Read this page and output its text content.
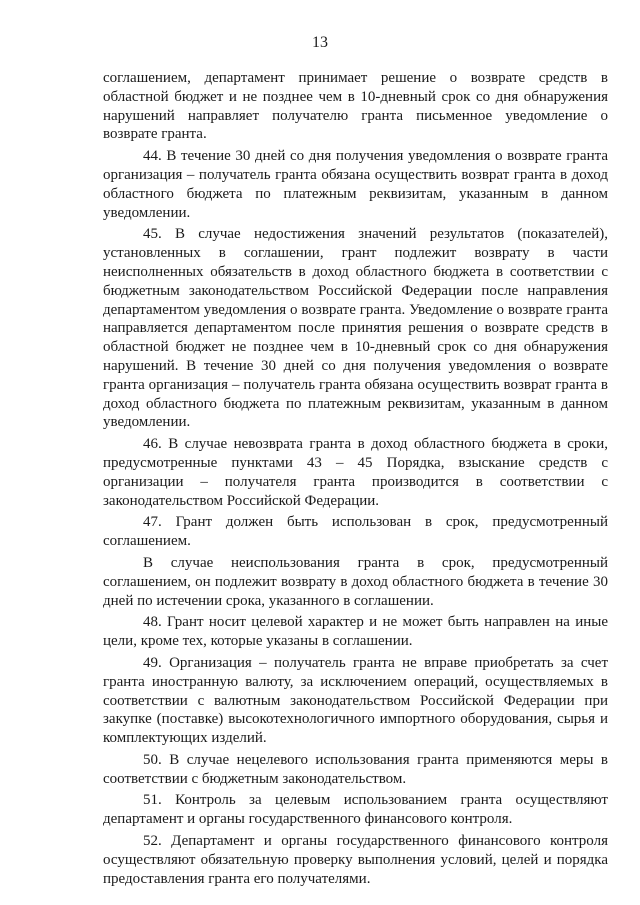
13

соглашением, департамент принимает решение о возврате средств в областной бюджет и не позднее чем в 10-дневный срок со дня обнаружения нарушений направляет получателю гранта письменное уведомление о возврате гранта.

44. В течение 30 дней со дня получения уведомления о возврате гранта организация – получатель гранта обязана осуществить возврат гранта в доход областного бюджета по платежным реквизитам, указанным в данном уведомлении.

45. В случае недостижения значений результатов (показателей), установленных в соглашении, грант подлежит возврату в части неисполненных обязательств в доход областного бюджета в соответствии с бюджетным законодательством Российской Федерации после направления департаментом уведомления о возврате гранта. Уведомление о возврате гранта направляется департаментом после принятия решения о возврате средств в областной бюджет не позднее чем в 10-дневный срок со дня обнаружения нарушений. В течение 30 дней со дня получения уведомления о возврате гранта организация – получатель гранта обязана осуществить возврат гранта в доход областного бюджета по платежным реквизитам, указанным в данном уведомлении.

46. В случае невозврата гранта в доход областного бюджета в сроки, предусмотренные пунктами 43 – 45 Порядка, взыскание средств с организации – получателя гранта производится в соответствии с законодательством Российской Федерации.

47. Грант должен быть использован в срок, предусмотренный соглашением.

В случае неиспользования гранта в срок, предусмотренный соглашением, он подлежит возврату в доход областного бюджета в течение 30 дней по истечении срока, указанного в соглашении.

48. Грант носит целевой характер и не может быть направлен на иные цели, кроме тех, которые указаны в соглашении.

49. Организация – получатель гранта не вправе приобретать за счет гранта иностранную валюту, за исключением операций, осуществляемых в соответствии с валютным законодательством Российской Федерации при закупке (поставке) высокотехнологичного импортного оборудования, сырья и комплектующих изделий.

50. В случае нецелевого использования гранта применяются меры в соответствии с бюджетным законодательством.

51. Контроль за целевым использованием гранта осуществляют департамент и органы государственного финансового контроля.

52. Департамент и органы государственного финансового контроля осуществляют обязательную проверку выполнения условий, целей и порядка предоставления гранта его получателями.
